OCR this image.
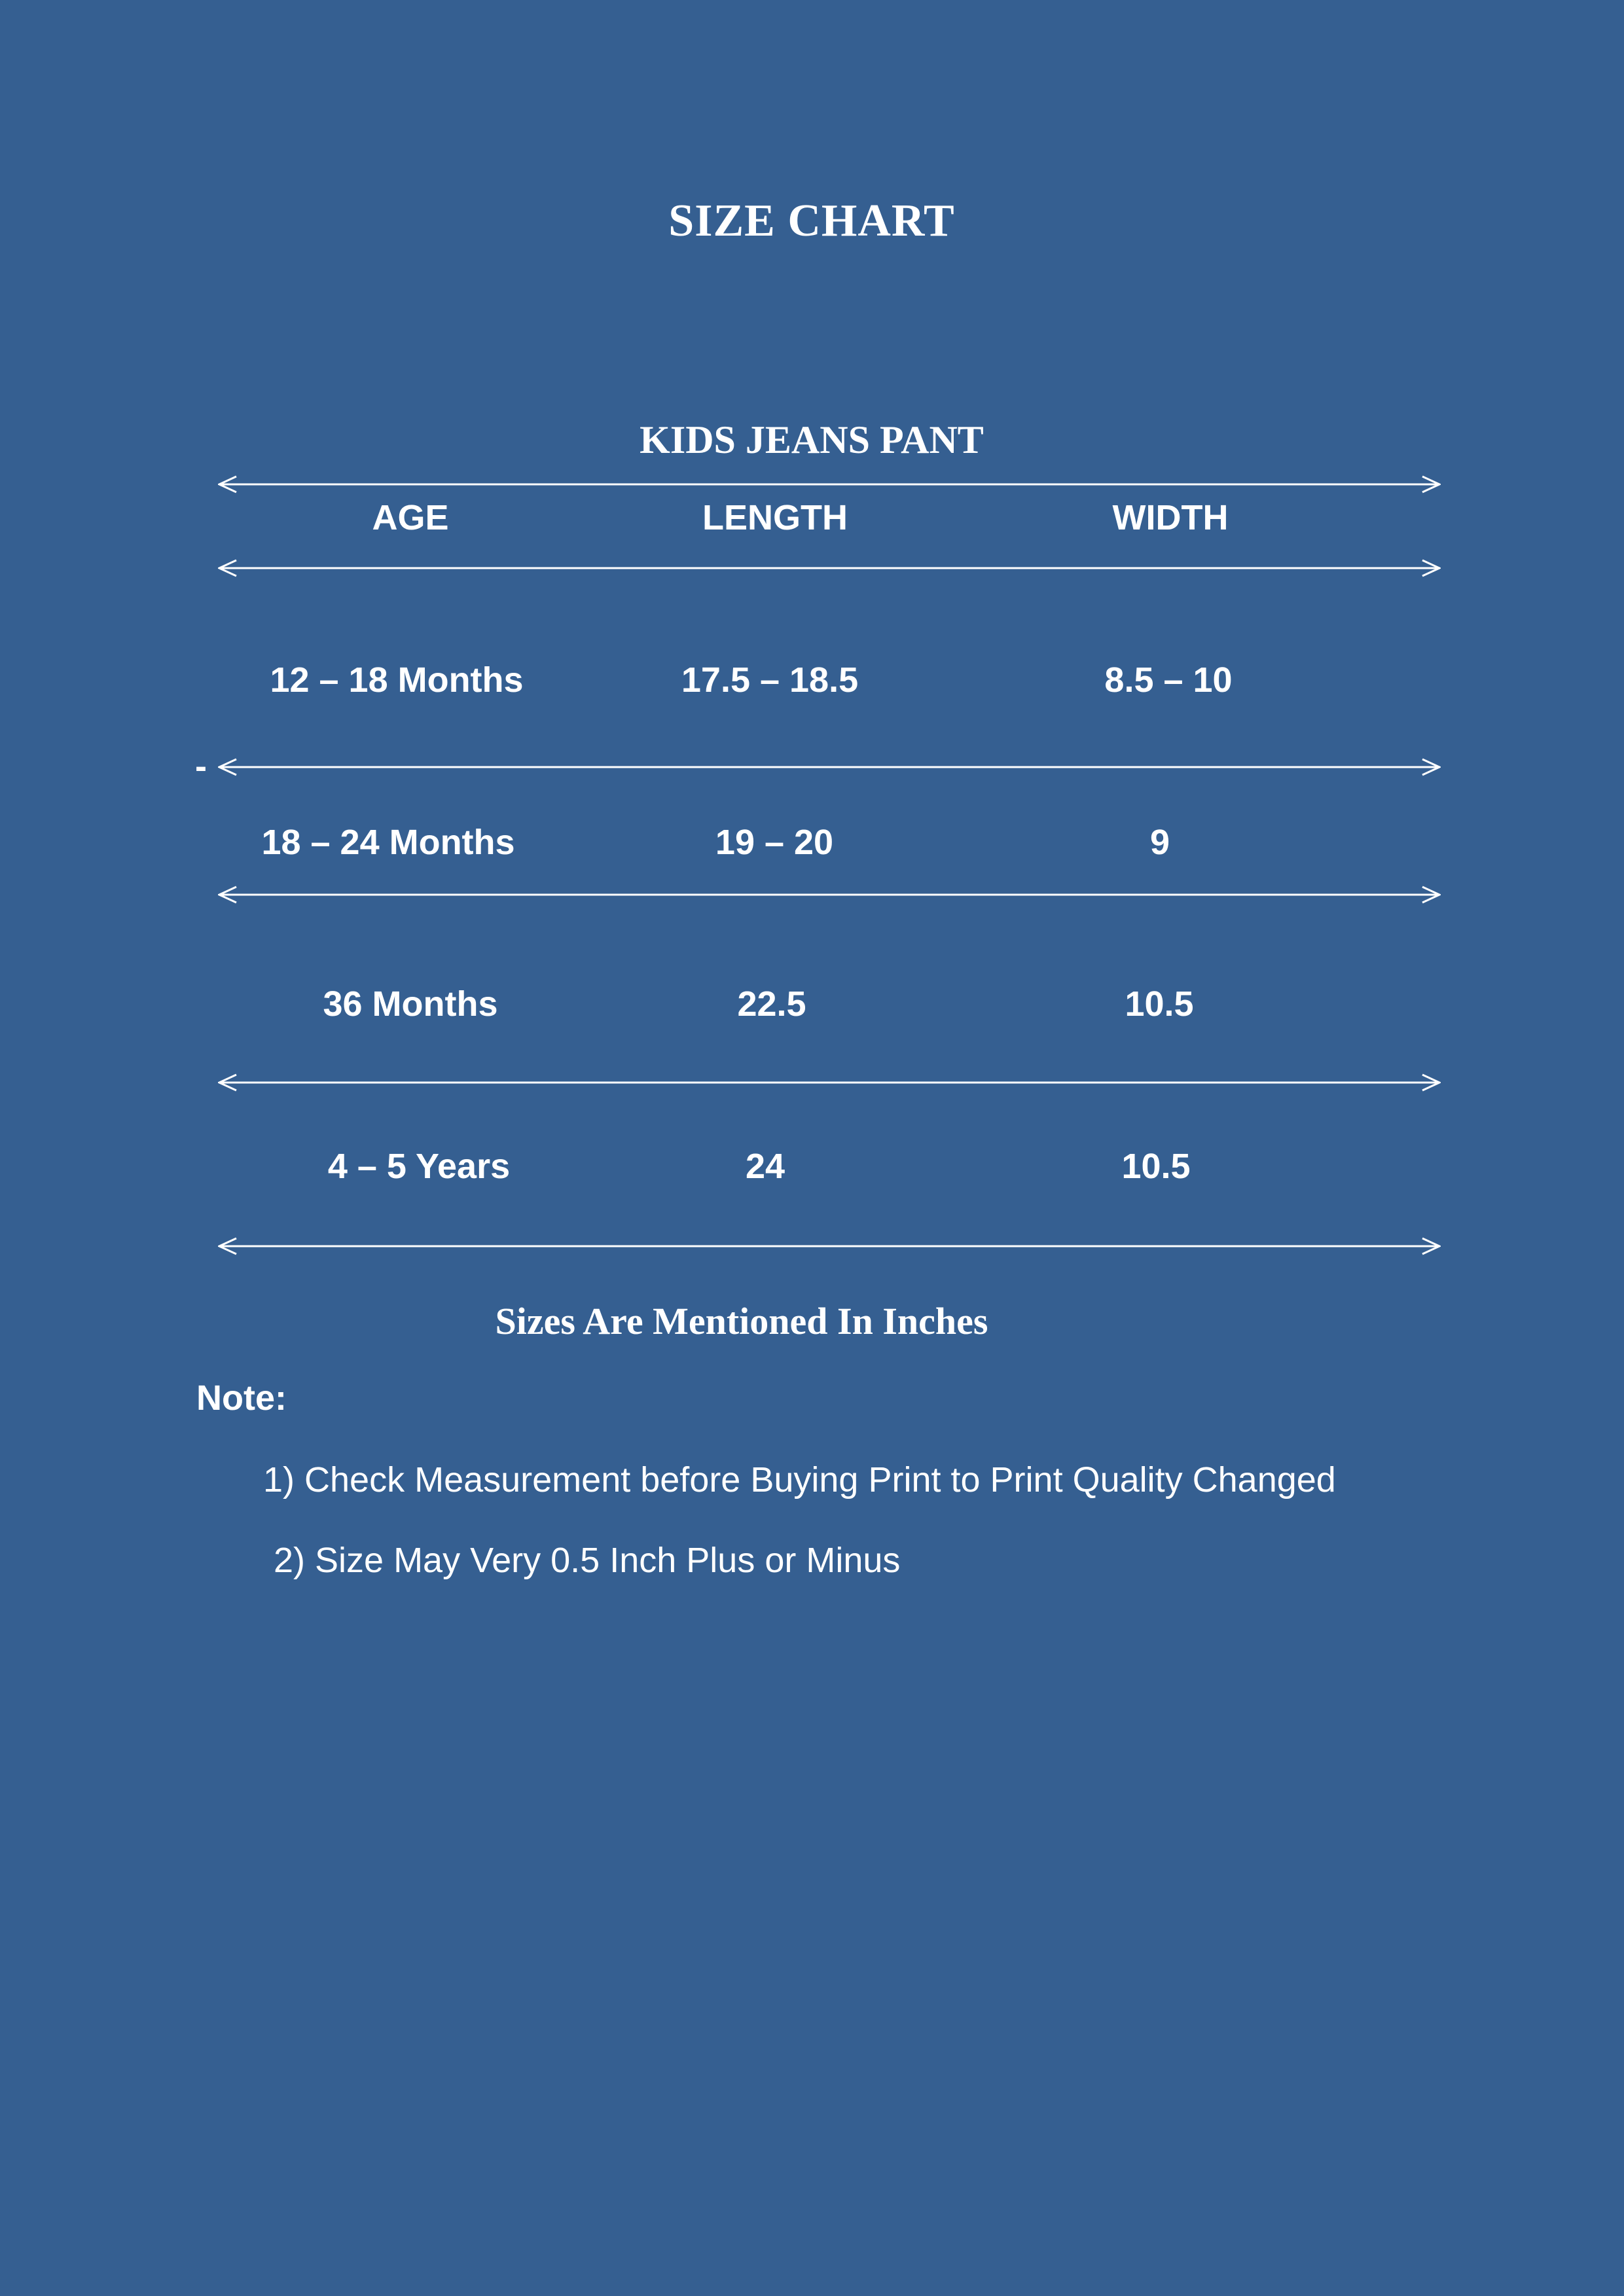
SIZE CHART
KIDS JEANS PANT
AGE	LENGTH	WIDTH
12 – 18 Months	17.5 – 18.5	8.5 – 10
18 – 24 Months	19 – 20	9
36 Months	22.5	10.5
4 – 5 Years	24	10.5
-
Sizes Are Mentioned In Inches
Note:
1) Check Measurement before Buying Print to Print Quality Changed
2) Size May Very 0.5 Inch Plus or Minus
